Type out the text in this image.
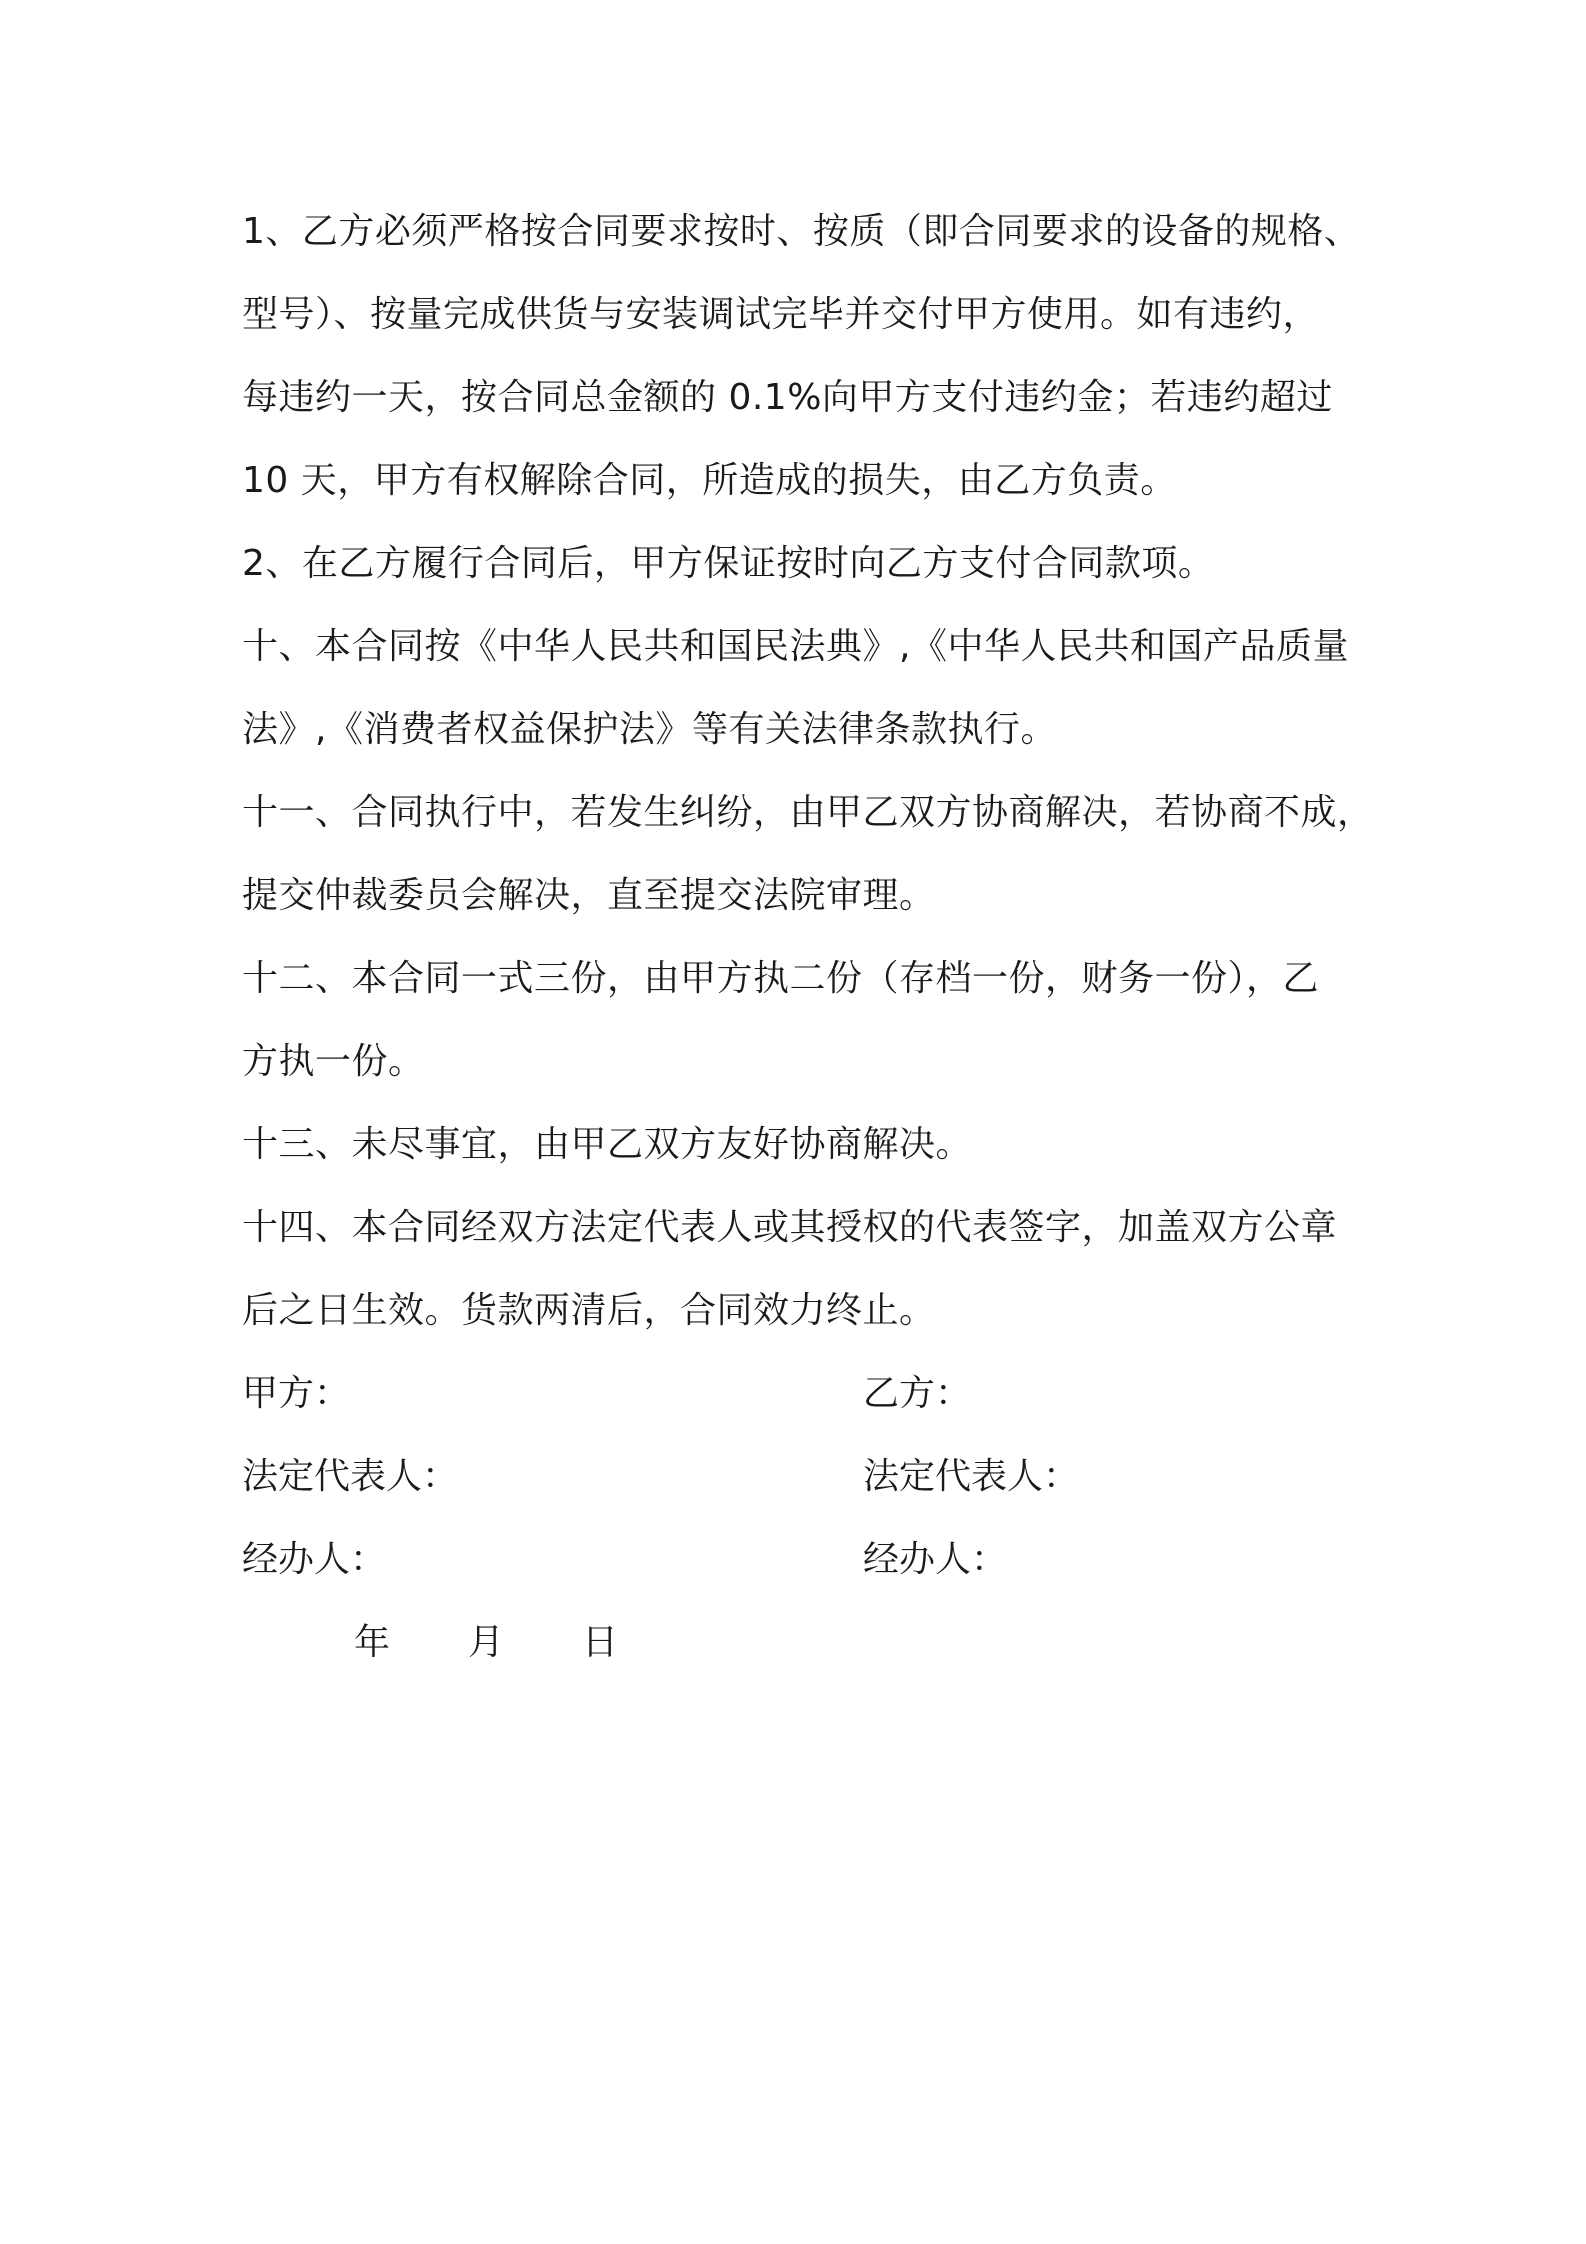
1、乙方必须严格按合同要求按时、按质（即合同要求的设备的规格、
型号）、按量完成供货与安装调试完毕并交付甲方使用。如有违约，
每违约一天，按合同总金额的 0.1%向甲方支付违约金；若违约超过
10 天，甲方有权解除合同，所造成的损失，由乙方负责。
2、在乙方履行合同后，甲方保证按时向乙方支付合同款项。
十、本合同按《中华人民共和国民法典》,《中华人民共和国产品质量
法》,《消费者权益保护法》等有关法律条款执行。
十一、合同执行中，若发生纠纷，由甲乙双方协商解决，若协商不成，
提交仲裁委员会解决，直至提交法院审理。
十二、本合同一式三份，由甲方执二份（存档一份，财务一份），乙
方执一份。
十三、未尽事宜，由甲乙双方友好协商解决。
十四、本合同经双方法定代表人或其授权的代表签字，加盖双方公章
后之日生效。货款两清后，合同效力终止。
甲方：	乙方：
法定代表人：	法定代表人：
经办人：	经办人：
年 月 日
